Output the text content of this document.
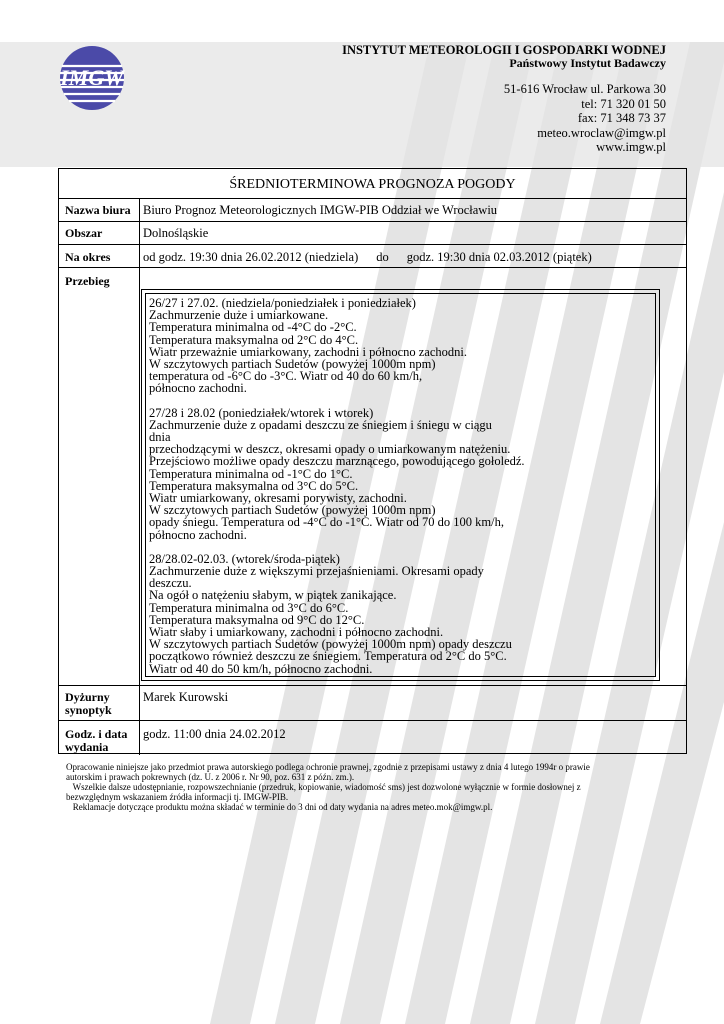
IMGW
INSTYTUT METEOROLOGII I GOSPODARKI WODNEJ
Państwowy Instytut Badawczy
51-616 Wrocław ul. Parkowa 30
tel: 71 320 01 50
fax: 71 348 73 37
meteo.wroclaw@imgw.pl
www.imgw.pl
ŚREDNIOTERMINOWA PROGNOZA POGODY
Nazwa biura Biuro Prognoz Meteorologicznych IMGW-PIB Oddział we Wrocławiu
Obszar	Dolnośląskie
Na okres	od godz. 19:30 dnia 26.02.2012 (niedziela) do godz. 19:30 dnia 02.03.2012 (piątek)
Przebieg
26/27 i 27.02. (niedziela/poniedziałek i poniedziałek)
Zachmurzenie duże i umiarkowane.
Temperatura minimalna od -4°C do -2°C.
Temperatura maksymalna od 2°C do 4°C.
Wiatr przeważnie umiarkowany, zachodni i północno zachodni.
W szczytowych partiach Sudetów (powyżej 1000m npm)
temperatura od -6°C do -3°C. Wiatr od 40 do 60 km/h,
północno zachodni.
27/28 i 28.02 (poniedziałek/wtorek i wtorek)
Zachmurzenie duże z opadami deszczu ze śniegiem i śniegu w ciągu
dnia
przechodzącymi w deszcz, okresami opady o umiarkowanym natężeniu.
Przejściowo możliwe opady deszczu marznącego, powodującego gołoledź.
Temperatura minimalna od -1°C do 1°C.
Temperatura maksymalna od 3°C do 5°C.
Wiatr umiarkowany, okresami porywisty, zachodni.
W szczytowych partiach Sudetów (powyżej 1000m npm)
opady śniegu. Temperatura od -4°C do -1°C. Wiatr od 70 do 100 km/h,
północno zachodni.
28/28.02-02.03. (wtorek/środa-piątek)
Zachmurzenie duże z większymi przejaśnieniami. Okresami opady
deszczu.
Na ogół o natężeniu słabym, w piątek zanikające.
Temperatura minimalna od 3°C do 6°C.
Temperatura maksymalna od 9°C do 12°C.
Wiatr słaby i umiarkowany, zachodni i północno zachodni.
W szczytowych partiach Sudetów (powyżej 1000m npm) opady deszczu
początkowo również deszczu ze śniegiem. Temperatura od 2°C do 5°C.
Wiatr od 40 do 50 km/h, północno zachodni.
Dyżurny
synoptyk
Marek Kurowski
Godz. i data
wydania
godz. 11:00 dnia 24.02.2012

Opracowanie niniejsze jako przedmiot prawa autorskiego podlega ochronie prawnej, zgodnie z przepisami ustawy z dnia 4 lutego 1994r o prawie

autorskim i prawach pokrewnych (dz. U. z 2006 r. Nr 90, poz. 631 z późn. zm.).

Wszelkie dalsze udostępnianie, rozpowszechnianie (przedruk, kopiowanie, wiadomość sms) jest dozwolone wyłącznie w formie dosłownej z

bezwzględnym wskazaniem źródła informacji tj. IMGW-PIB.

Reklamacje dotyczące produktu można składać w terminie do 3 dni od daty wydania na adres meteo.mok@imgw.pl.
